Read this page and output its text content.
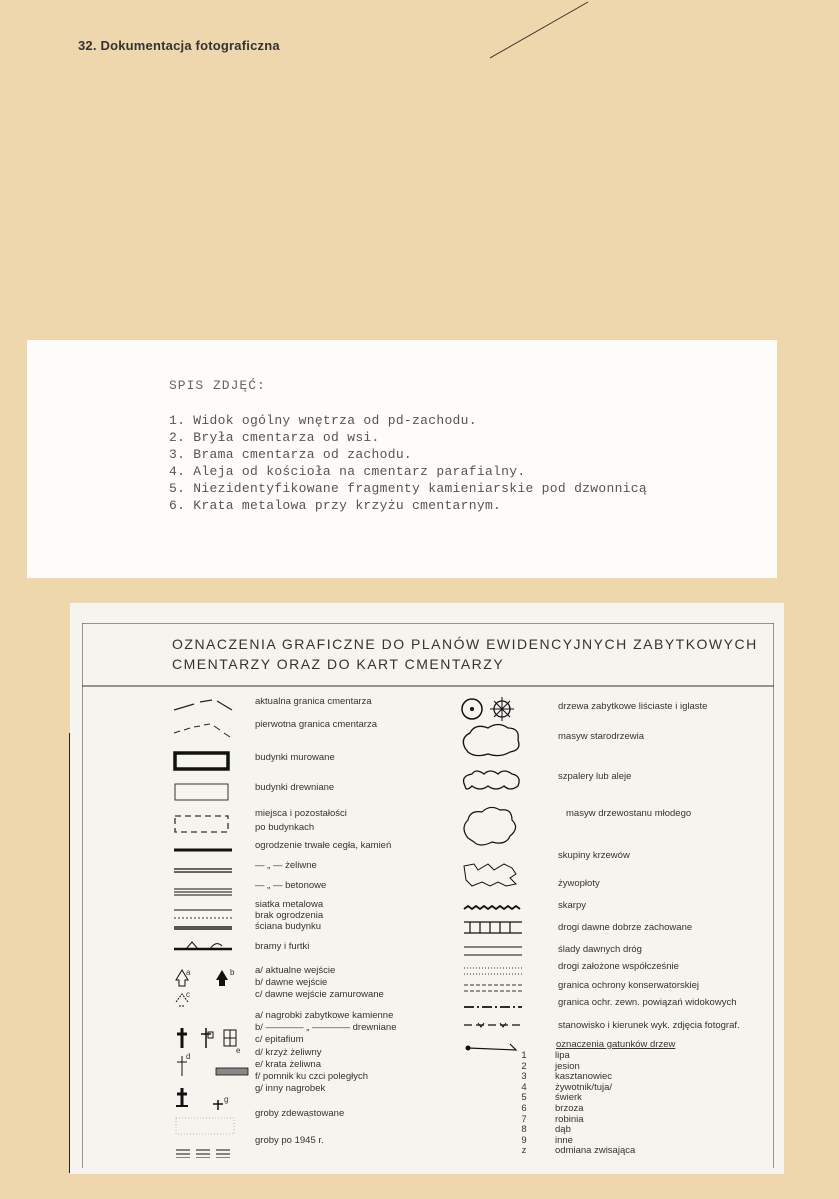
32. Dokumentacja fotograficzna
SPIS ZDJĘĆ:
1. Widok ogólny wnętrza od pd-zachodu.
2. Bryła cmentarza od wsi.
3. Brama cmentarza od zachodu.
4. Aleja od kościoła na cmentarz parafialny.
5. Niezidentyfikowane fragmenty kamieniarskie pod dzwonnicą
6. Krata metalowa przy krzyżu cmentarnym.
OZNACZENIA GRAFICZNE DO PLANÓW EWIDENCYJNYCH ZABYTKOWYCH
CMENTARZY ORAZ DO KART CMENTARZY
aktualna granica cmentarza
pierwotna granica cmentarza
budynki murowane
budynki drewniane
miejsca i pozostałości
po budynkach
ogrodzenie trwałe cegła, kamień
— „ — żeliwne
— „ — betonowe
siatka metalowa
brak ogrodzenia
ściana budynku
bramy i furtki
a/ aktualne wejście
b/ dawne wejście
c/ dawne wejście zamurowane
a/ nagrobki zabytkowe kamienne
b/ ———— „ ———— drewniane
c/ epitafium
d/ krzyż żeliwny
e/ krata żeliwna
f/ pomnik ku czci poległych
g/ inny nagrobek
groby zdewastowane
groby po 1945 r.
a	b
c
d
e
g
drzewa zabytkowe liściaste i iglaste
masyw starodrzewia
szpalery lub aleje
masyw drzewostanu młodego
skupiny krzewów
żywopłoty
skarpy
drogi dawne dobrze zachowane
ślady dawnych dróg
drogi założone współcześnie
granica ochrony konserwatorskiej
granica ochr. zewn. powiązań widokowych
stanowisko i kierunek wyk. zdjęcia fotograf.
oznaczenia gatunków drzew
1	lipa
2	jesion
3	kasztanowiec
4	żywotnik/tuja/
5	świerk
6	brzoza
7	robinia
8	dąb
9	inne
z	odmiana zwisająca
